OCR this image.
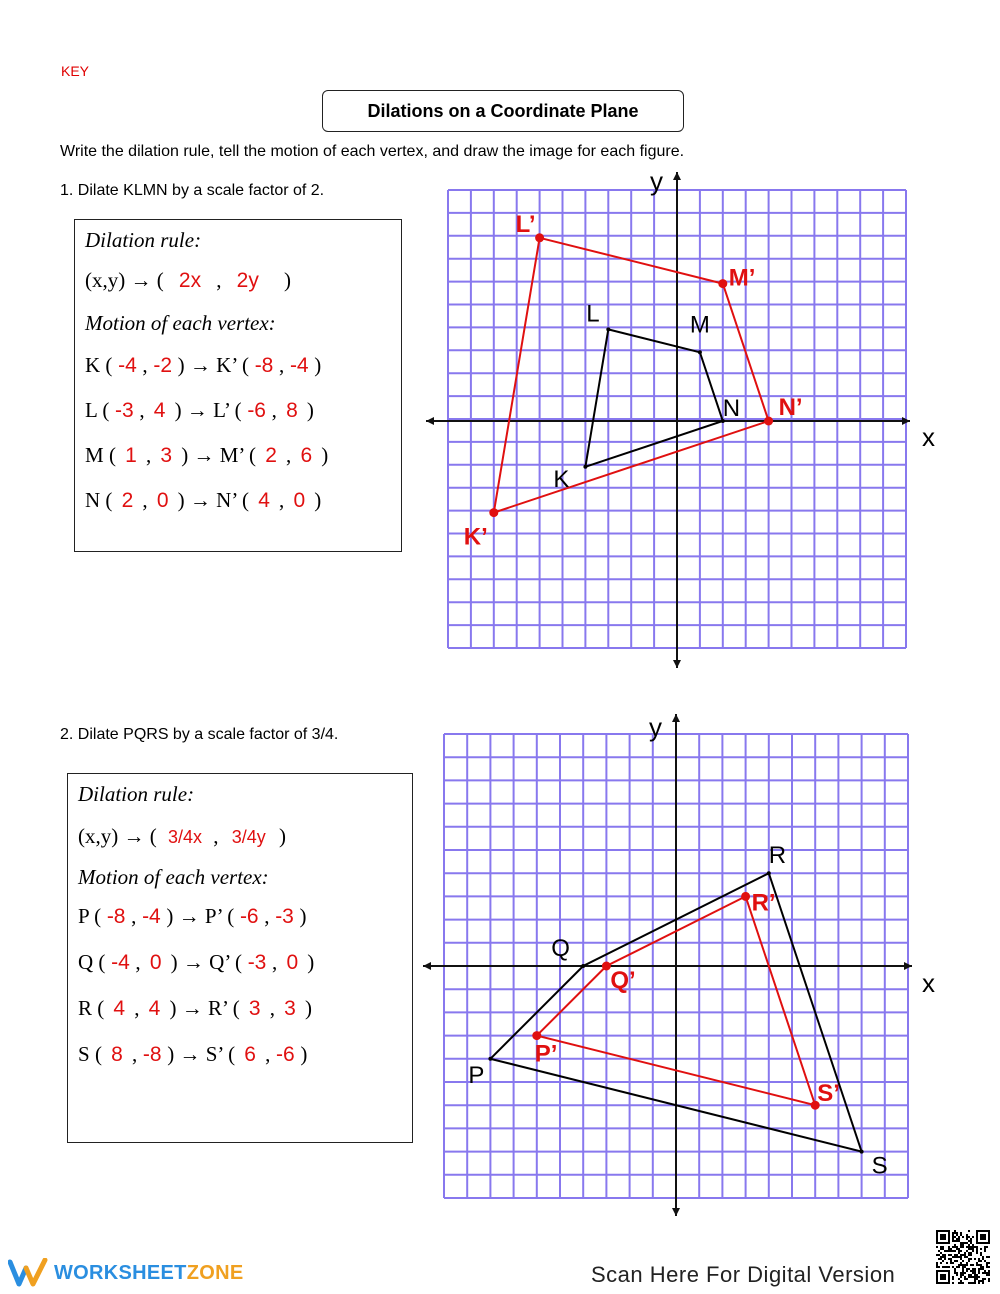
KEY
Dilations on a Coordinate Plane
Write the dilation rule, tell the motion of each vertex, and draw the image for each figure.
1. Dilate KLMN by a scale factor of 2.
Dilation rule:
(x,y) → ( 2x , 2y )
Motion of each vertex:
K ( -4 , -2 ) → K’ ( -8 , -4 )
L ( -3 , 4 ) → L’ ( -6 , 8 )
M ( 1 , 3 ) → M’ ( 2 , 6 )
N ( 2 , 0 ) → N’ ( 4 , 0 )
x
y
K
L	M
N
K’
L’
M’
N’
2. Dilate PQRS by a scale factor of 3/4.
Dilation rule:
(x,y) → ( 3/4x , 3/4y )
Motion of each vertex:
P ( -8 , -4 ) → P’ ( -6 , -3 )
Q ( -4 , 0 ) → Q’ ( -3 , 0 )
R ( 4 , 4 ) → R’ ( 3 , 3 )
S ( 8 , -8 ) → S’ ( 6 , -6 )
x
y
P
Q
R
S
P’
Q’
R’
S’
WORKSHEETZONE	Scan Here For Digital Version
